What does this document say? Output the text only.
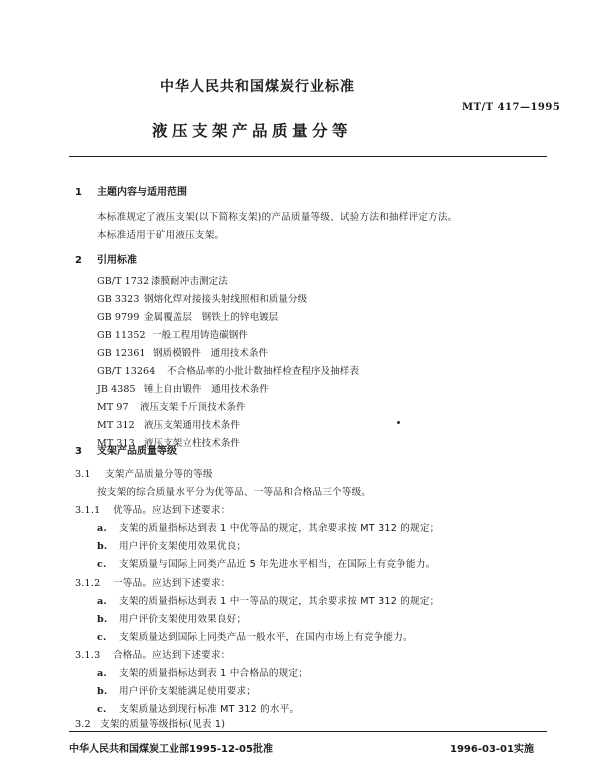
中华人民共和国煤炭行业标准
MT/T 417—1995
液压支架产品质量分等
1 主题内容与适用范围
本标准规定了液压支架(以下简称支架)的产品质量等级、试验方法和抽样评定方法。
本标准适用于矿用液压支架。
2 引用标准
GB/T 1732 漆膜耐冲击测定法
GB 3323 钢熔化焊对接接头射线照相和质量分级
GB 9799 金属覆盖层　钢铁上的锌电镀层
GB 11352 一般工程用铸造碳钢件
GB 12361 钢质模锻件　通用技术条件
GB/T 13264 不合格品率的小批计数抽样检查程序及抽样表
JB 4385 锤上自由锻件　通用技术条件
MT 97 液压支架千斤顶技术条件
MT 312 液压支架通用技术条件
MT 313 液压支架立柱技术条件
3 支架产品质量等级
3.1 支架产品质量分等的等级
按支架的综合质量水平分为优等品、一等品和合格品三个等级。
3.1.1 优等品。应达到下述要求：
a. 支架的质量指标达到表 1 中优等品的规定，其余要求按 MT 312 的规定；
b. 用户评价支架使用效果优良；
c. 支架质量与国际上同类产品近 5 年先进水平相当，在国际上有竞争能力。
3.1.2 一等品。应达到下述要求：
a. 支架的质量指标达到表 1 中一等品的规定，其余要求按 MT 312 的规定；
b. 用户评价支架使用效果良好；
c. 支架质量达到国际上同类产品一般水平，在国内市场上有竞争能力。
3.1.3 合格品。应达到下述要求：
a. 支架的质量指标达到表 1 中合格品的规定；
b. 用户评价支架能满足使用要求；
c. 支架质量达到现行标准 MT 312 的水平。
3.2 支架的质量等级指标(见表 1)
中华人民共和国煤炭工业部1995-12-05批准	1996-03-01实施
